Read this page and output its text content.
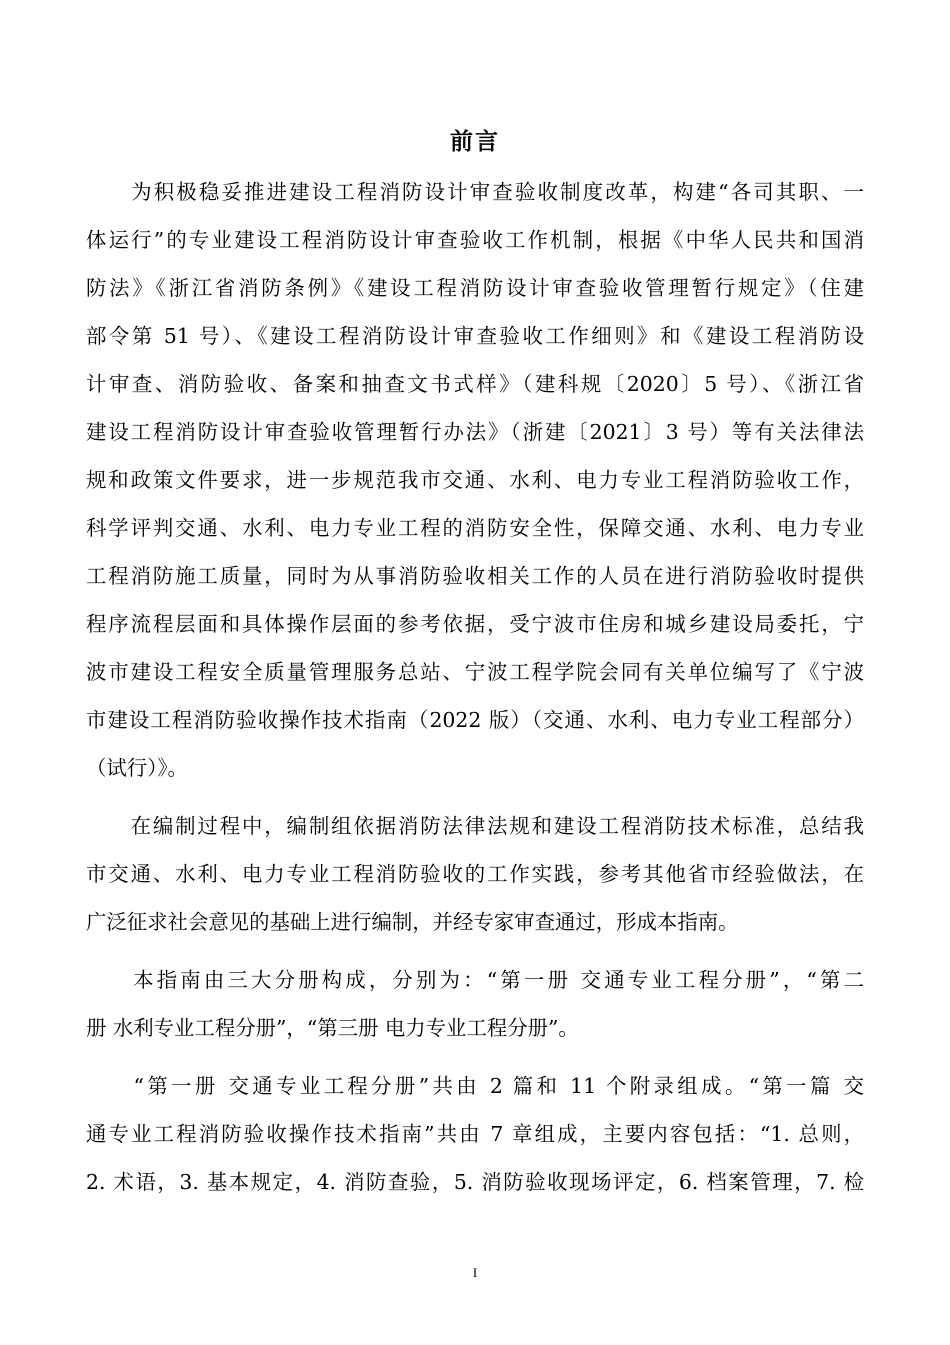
前言
　　为积极稳妥推进建设工程消防设计审查验收制度改革，构建“各司其职、一
体运行”的专业建设工程消防设计审查验收工作机制，根据《中华人民共和国消
防法》《浙江省消防条例》《建设工程消防设计审查验收管理暂行规定》（住建
部令第 51 号）、《建设工程消防设计审查验收工作细则》和《建设工程消防设
计审查、消防验收、备案和抽查文书式样》（建科规〔2020〕5 号）、《浙江省
建设工程消防设计审查验收管理暂行办法》（浙建〔2021〕3 号）等有关法律法
规和政策文件要求，进一步规范我市交通、水利、电力专业工程消防验收工作，
科学评判交通、水利、电力专业工程的消防安全性，保障交通、水利、电力专业
工程消防施工质量，同时为从事消防验收相关工作的人员在进行消防验收时提供
程序流程层面和具体操作层面的参考依据，受宁波市住房和城乡建设局委托，宁
波市建设工程安全质量管理服务总站、宁波工程学院会同有关单位编写了《宁波
市建设工程消防验收操作技术指南（2022 版）（交通、水利、电力专业工程部分）
（试行）》。
　　在编制过程中，编制组依据消防法律法规和建设工程消防技术标准，总结我
市交通、水利、电力专业工程消防验收的工作实践，参考其他省市经验做法，在
广泛征求社会意见的基础上进行编制，并经专家审查通过，形成本指南。
　　本指南由三大分册构成，分别为：“第一册 交通专业工程分册”，“第二
册 水利专业工程分册”，“第三册 电力专业工程分册”。
　　“第一册 交通专业工程分册”共由 2 篇和 11 个附录组成。“第一篇 交
通专业工程消防验收操作技术指南”共由 7 章组成，主要内容包括：“1. 总则，
2. 术语，3. 基本规定，4. 消防查验，5. 消防验收现场评定，6. 档案管理，7. 检
I
